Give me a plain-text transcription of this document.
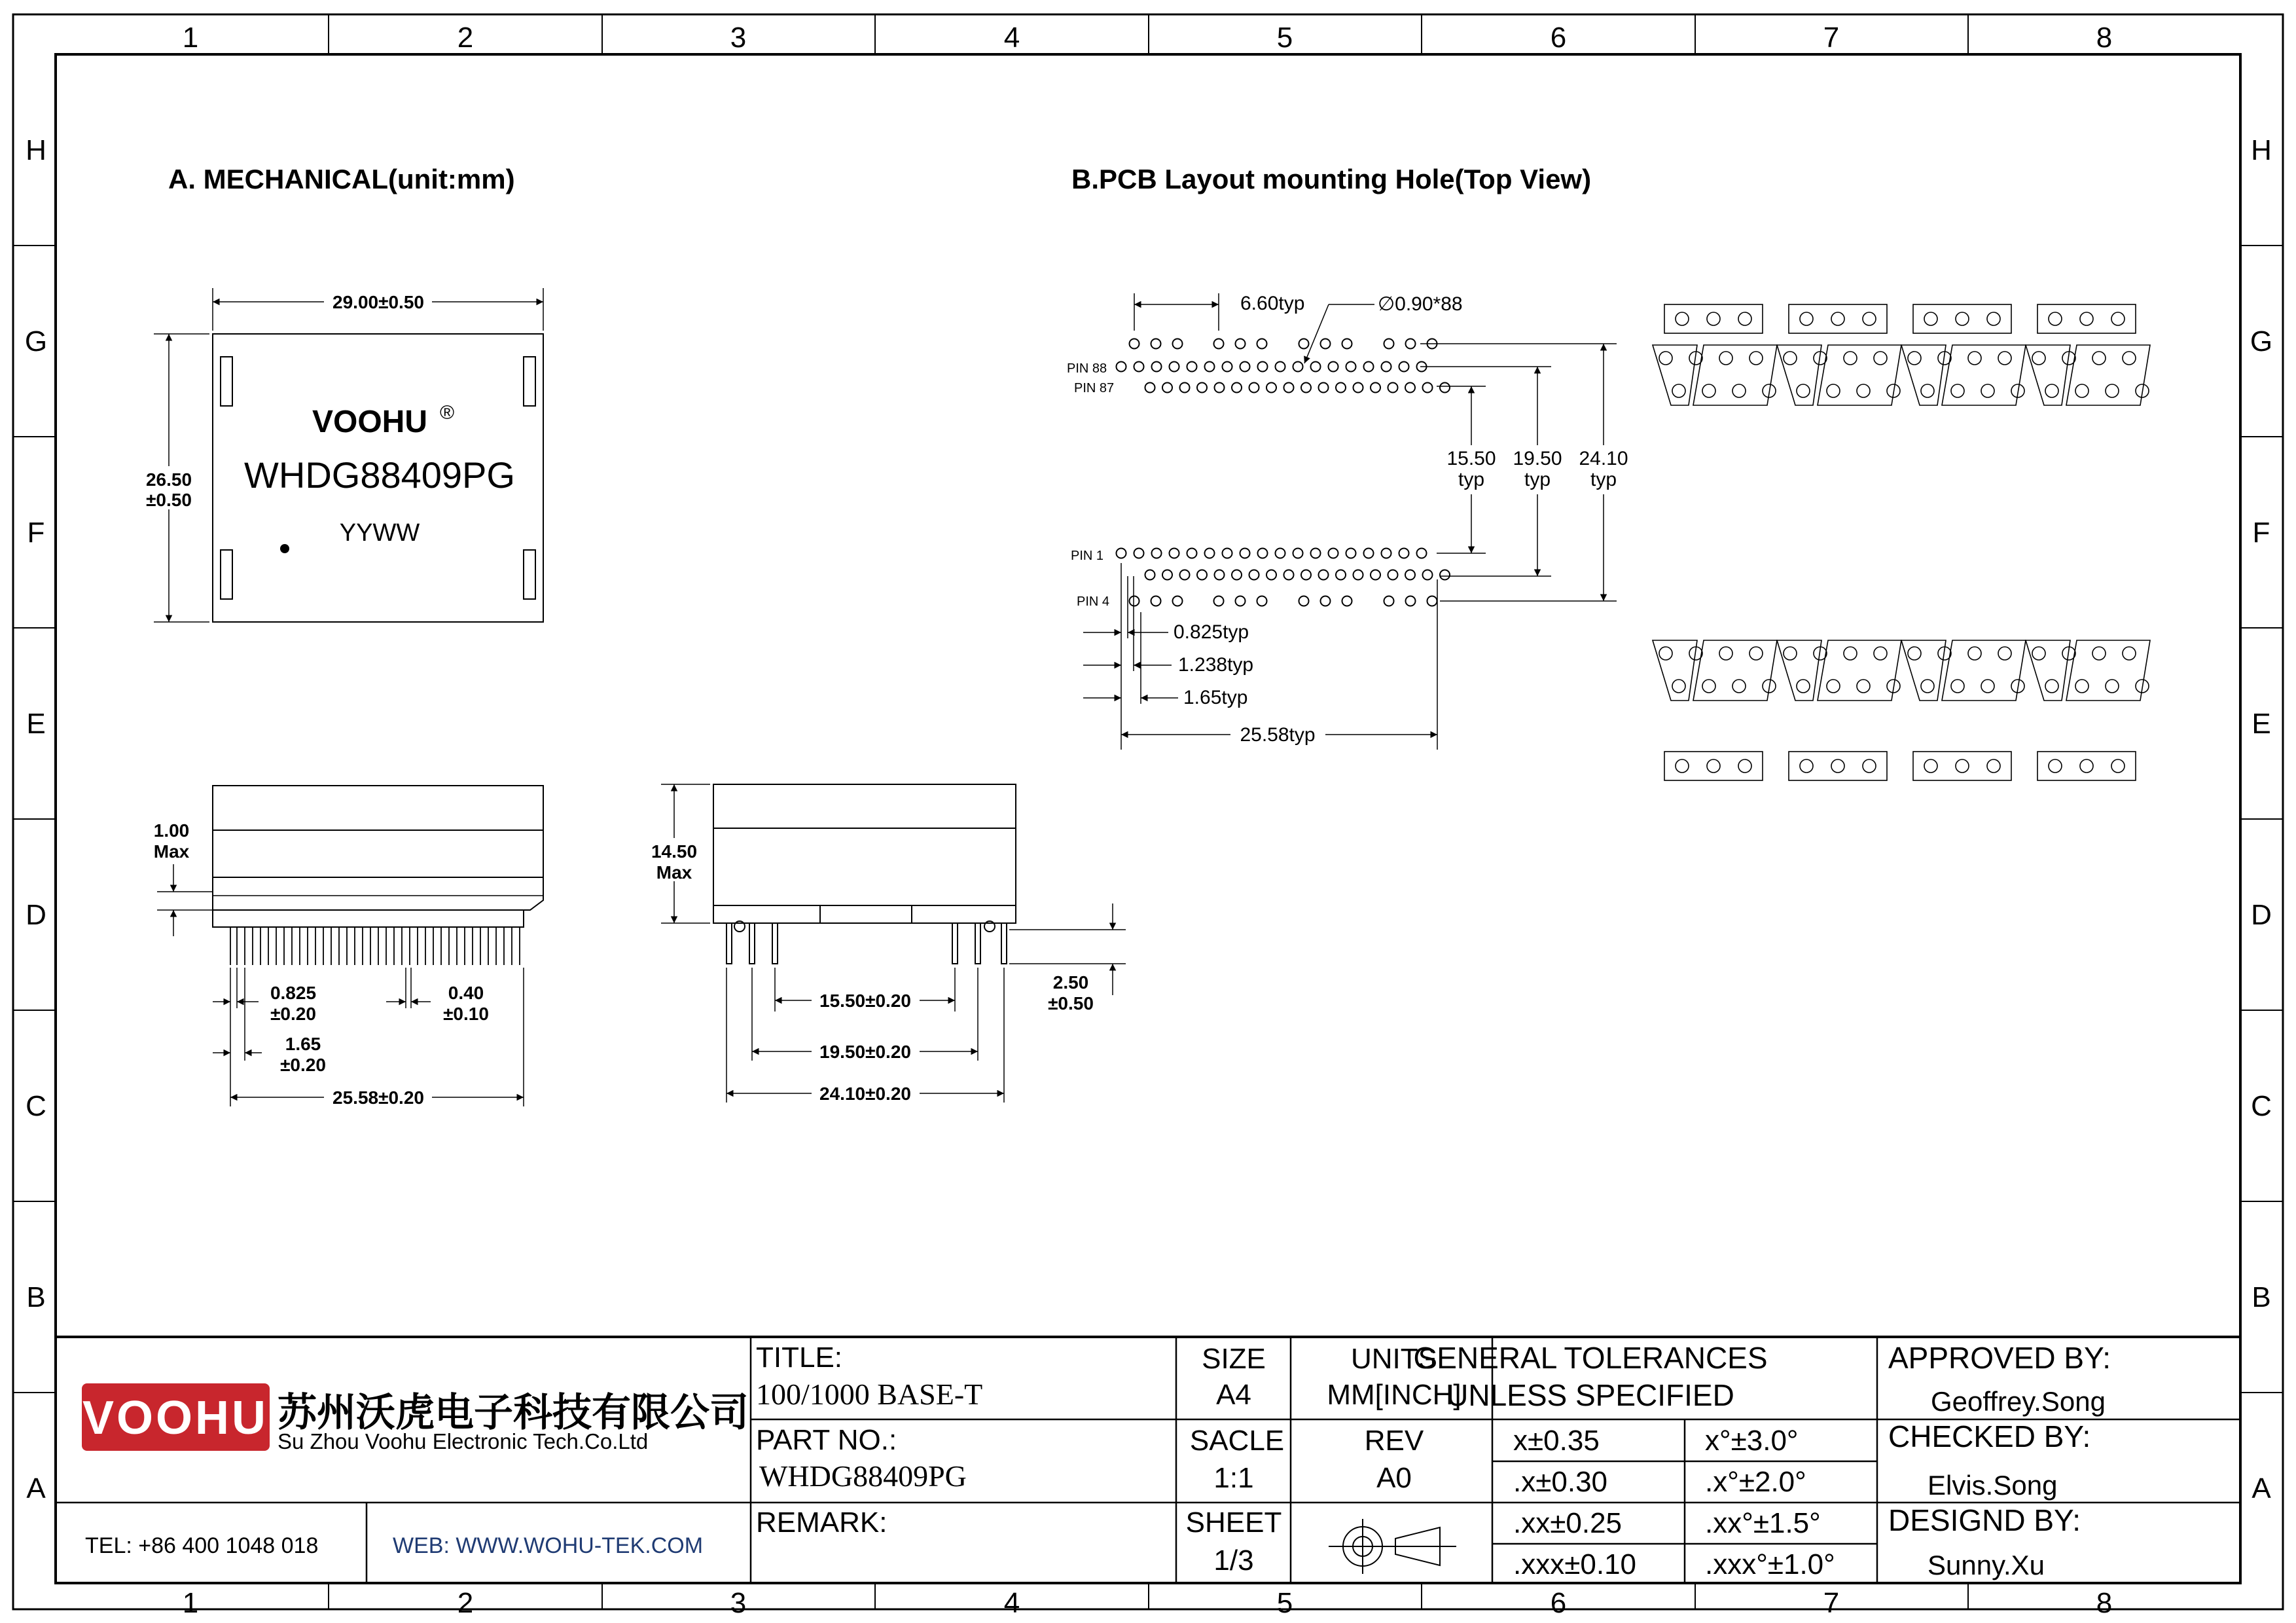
1	2	3	4	5	6	7	8
1	2	3	4	5	6	7	8
H
G
F
E
D
C
B
A
H
G
F
E
D
C
B
A
A. MECHANICAL(unit:mm)	B.PCB Layout mounting Hole(Top View)
VOOHU ®
WHDG88409PG
YYWW
29.00±0.50
26.50
±0.50
1.00
Max
0.825
±0.20
1.65
±0.20
0.40
±0.10
25.58±0.20
14.50
Max
2.50
±0.50
15.50±0.20
19.50±0.20
24.10±0.20
PIN 88
PIN 87
PIN 1
PIN 4
6.60typ	∅0.90*88
15.50
typ
19.50
typ
24.10
typ
0.825typ
1.238typ
1.65typ
25.58typ
VOOHU 苏州沃虎电子科技有限公司
Su Zhou Voohu Electronic Tech.Co.Ltd
TEL: +86 400 1048 018	WEB: WWW.WOHU-TEK.COM
TITLE:
100/1000 BASE-T
PART NO.:
WHDG88409PG
REMARK:
SIZE
A4
SACLE
1:1
SHEET
1/3
UNITS
MM[INCH]
REV
A0
GENERAL TOLERANCES
UNLESS SPECIFIED
x±0.35	x°±3.0°
.x±0.30	.x°±2.0°
.xx±0.25	.xx°±1.5°
.xxx±0.10 .xxx°±1.0°
APPROVED BY:
Geoffrey.Song
CHECKED BY:
Elvis.Song
DESIGND BY:
Sunny.Xu
